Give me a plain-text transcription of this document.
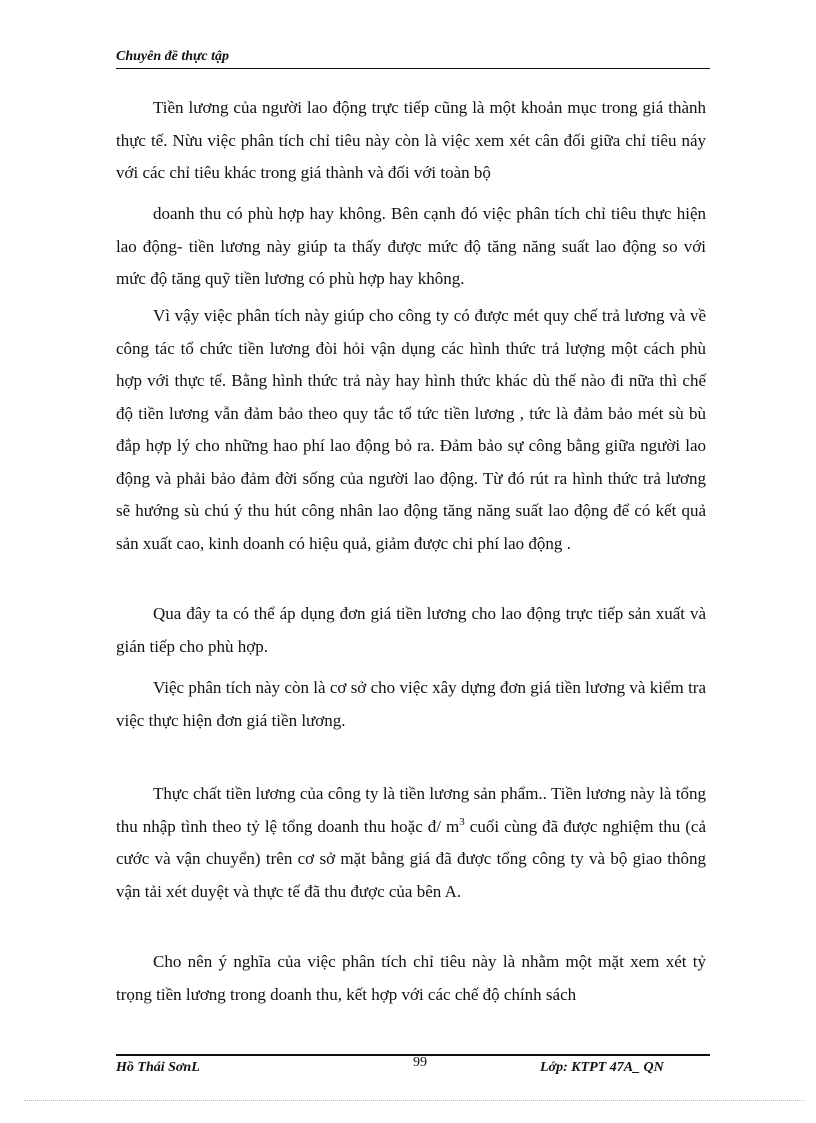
Chuyên đề thực tập

Tiền lương của người lao động trực tiếp cũng là một khoản mục trong giá thành thực tế. Nừu việc phân tích chỉ tiêu này còn là việc xem xét cân đối giữa chỉ tiêu náy với các chỉ tiêu khác trong giá thành và đối với toàn bộ

doanh thu có phù hợp hay không. Bên cạnh đó việc phân tích chỉ tiêu thực hiện lao động- tiền lương này giúp ta thấy được mức độ tăng năng suất lao động so với mức độ tăng quỹ tiền lương có phù hợp hay không.

Vì vậy việc phân tích này giúp cho công ty có được mét quy chế trả lương và về công tác tổ chức tiền lương đòi hỏi vận dụng các hình thức trả lượng một cách phù hợp với thực tế. Bằng hình thức trả này hay hình thức khác dù thế nào đi nữa thì chế độ tiền lương vẫn đảm bảo theo quy tắc tổ tức tiền lương , tức là đảm bảo mét sù bù đắp hợp lý cho những hao phí lao động bỏ ra. Đảm bảo sự công bằng giữa người lao động và phải bảo đảm đời sống của người lao động. Từ đó rút ra hình thức trả lương sẽ hướng sù chú ý thu hút công nhân lao động tăng năng suất lao động để có kết quả sản xuất cao, kinh doanh có hiệu quả, giảm được chi phí lao động .

Qua đây ta có thể áp dụng đơn giá tiền lương cho lao động trực tiếp sản xuất và gián tiếp cho phù hợp.

Việc phân tích này còn là cơ sở cho việc xây dựng đơn giá tiền lương và kiểm tra việc thực hiện đơn giá tiền lương.

Thực chất tiền lương của công ty là tiền lương sản phẩm.. Tiền lương này là tổng thu nhập tình theo tỷ lệ tổng doanh thu hoặc đ/ $m^3$ cuối cùng đã được nghiệm thu (cả cước và vận chuyển) trên cơ sở mặt bằng giá đã được tổng công ty và bộ giao thông vận tải xét duyệt và thực tế đã thu được của bên A.

Cho nên ý nghĩa của việc phân tích chỉ tiêu này là nhằm một mặt xem xét tỷ trọng tiền lương trong doanh thu, kết hợp với các chế độ chính sách

Hồ Thái SơnL	99	Lớp: KTPT 47A_ QN
